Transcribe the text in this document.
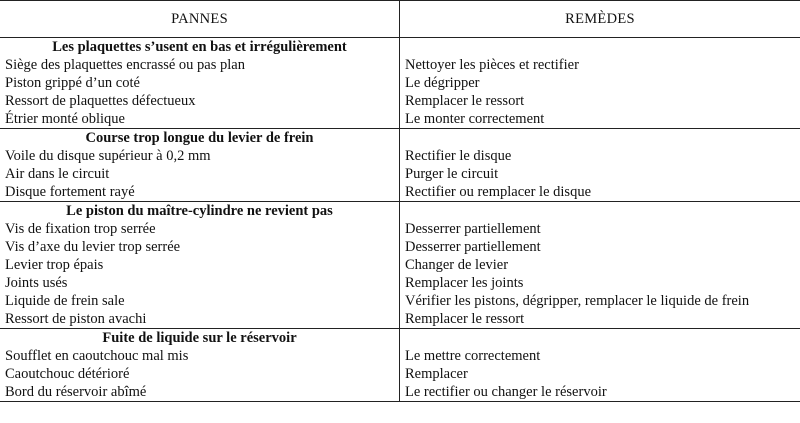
PANNES	REMÈDES
Les plaquettes s’usent en bas et irrégulièrement
Siège des plaquettes encrassé ou pas plan	Nettoyer les pièces et rectifier
Piston grippé d’un coté	Le dégripper
Ressort de plaquettes défectueux	Remplacer le ressort
Étrier monté oblique	Le monter correctement
Course trop longue du levier de frein
Voile du disque supérieur à 0,2 mm	Rectifier le disque
Air dans le circuit	Purger le circuit
Disque fortement rayé	Rectifier ou remplacer le disque
Le piston du maître-cylindre ne revient pas
Vis de fixation trop serrée	Desserrer partiellement
Vis d’axe du levier trop serrée	Desserrer partiellement
Levier trop épais	Changer de levier
Joints usés	Remplacer les joints
Liquide de frein sale	Vérifier les pistons, dégripper, remplacer le liquide de frein
Ressort de piston avachi	Remplacer le ressort
Fuite de liquide sur le réservoir
Soufflet en caoutchouc mal mis	Le mettre correctement
Caoutchouc détérioré	Remplacer
Bord du réservoir abîmé	Le rectifier ou changer le réservoir
